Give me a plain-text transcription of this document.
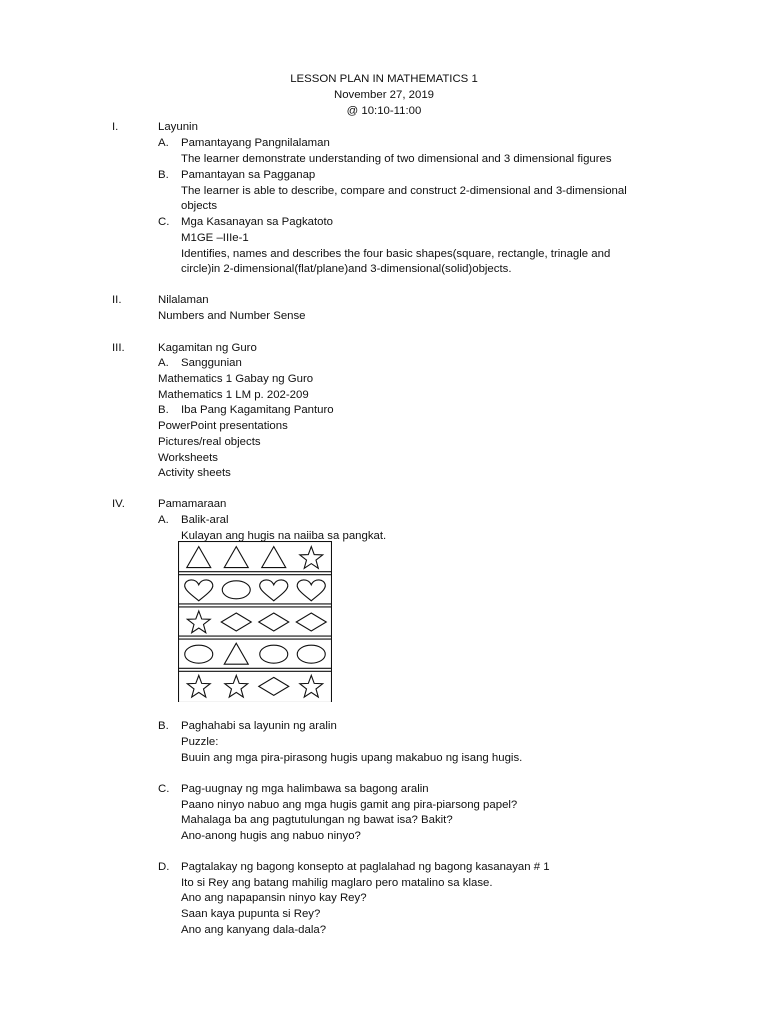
LESSON PLAN IN MATHEMATICS 1
November 27, 2019
@ 10:10-11:00
I.	Layunin
A. Pamantayang Pangnilalaman
The learner demonstrate understanding of two dimensional and 3 dimensional figures
B. Pamantayan sa Pagganap
The learner is able to describe, compare and construct 2-dimensional and 3-dimensional
objects
C. Mga Kasanayan sa Pagkatoto
M1GE –IIIe-1
Identifies, names and describes the four basic shapes(square, rectangle, trinagle and
circle)in 2-dimensional(flat/plane)and 3-dimensional(solid)objects.
II.	Nilalaman
Numbers and Number Sense
III.	Kagamitan ng Guro
A. Sanggunian
Mathematics 1 Gabay ng Guro
Mathematics 1 LM p. 202-209
B. Iba Pang Kagamitang Panturo
PowerPoint presentations
Pictures/real objects
Worksheets
Activity sheets
IV.	Pamamaraan
A. Balik-aral
Kulayan ang hugis na naiiba sa pangkat.
B. Paghahabi sa layunin ng aralin
Puzzle:
Buuin ang mga pira-pirasong hugis upang makabuo ng isang hugis.
C. Pag-uugnay ng mga halimbawa sa bagong aralin
Paano ninyo nabuo ang mga hugis gamit ang pira-piarsong papel?
Mahalaga ba ang pagtutulungan ng bawat isa? Bakit?
Ano-anong hugis ang nabuo ninyo?
D. Pagtalakay ng bagong konsepto at paglalahad ng bagong kasanayan # 1
Ito si Rey ang batang mahilig maglaro pero matalino sa klase.
Ano ang napapansin ninyo kay Rey?
Saan kaya pupunta si Rey?
Ano ang kanyang dala-dala?
